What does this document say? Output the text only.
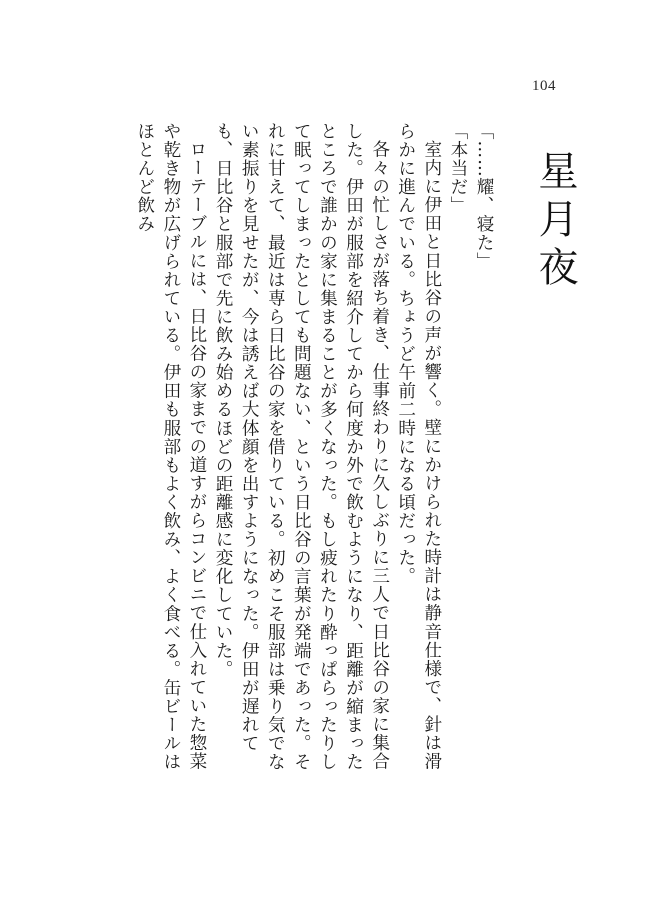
104
星月夜

「……耀、寝た」

「本当だ」

室内に伊田と日比谷の声が響く。壁にかけられた時計は静音仕様で、針は滑らかに進んでいる。ちょうど午前二時になる頃だった。

各々の忙しさが落ち着き、仕事終わりに久しぶりに三人で日比谷の家に集合した。伊田が服部を紹介してから何度か外で飲むようになり、距離が縮まったところで誰かの家に集まることが多くなった。もし疲れたり酔っぱらったりして眠ってしまったとしても問題ない、という日比谷の言葉が発端であった。それに甘えて、最近は専ら日比谷の家を借りている。初めこそ服部は乗り気でない素振りを見せたが、今は誘えば大体顔を出すようになった。伊田が遅れても、日比谷と服部で先に飲み始めるほどの距離感に変化していた。

ローテーブルには、日比谷の家までの道すがらコンビニで仕入れていた惣菜や乾き物が広げられている。伊田も服部もよく飲み、よく食べる。缶ビールはほとんど飲み
